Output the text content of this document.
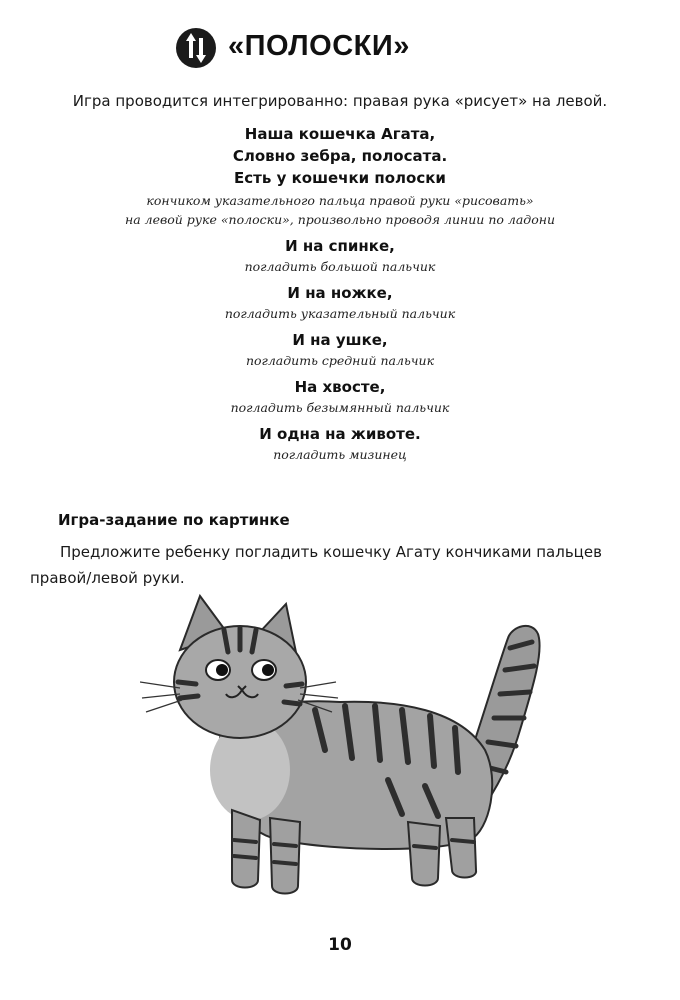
«ПОЛОСКИ»
Игра проводится интегрированно: правая рука «рисует» на левой.
Наша кошечка Агата,
Словно зебра, полосата.
Есть у кошечки полоски
кончиком указательного пальца правой руки «рисовать»
на левой руке «полоски», произвольно проводя линии по ладони
И на спинке,
погладить большой пальчик
И на ножке,
погладить указательный пальчик
И на ушке,
погладить средний пальчик
На хвосте,
погладить безымянный пальчик
И одна на животе.
погладить мизинец
Игра-задание по картинке
Предложите ребенку погладить кошечку Агату кончиками пальцев правой/левой руки.
10
